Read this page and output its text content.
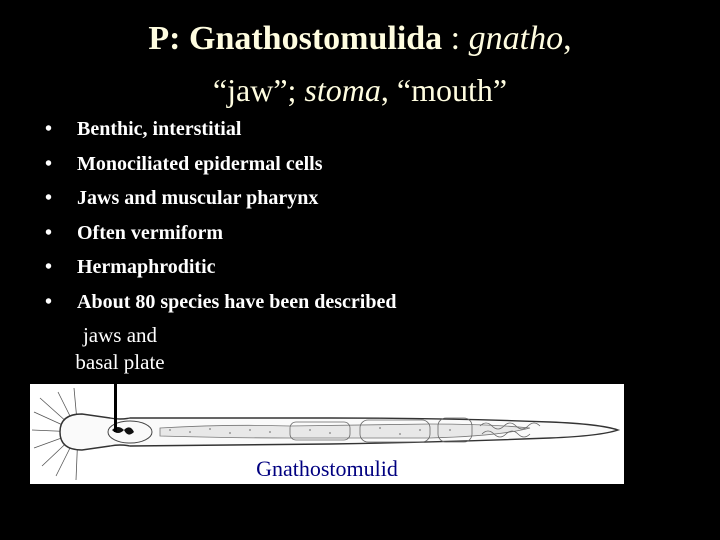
P: Gnathostomulida : gnatho,
“jaw”; stoma, “mouth”
• Benthic, interstitial
• Monociliated epidermal cells
• Jaws and muscular pharynx
• Often vermiform
• Hermaphroditic
• About 80 species have been described
jaws and
basal plate
Gnathostomulid
